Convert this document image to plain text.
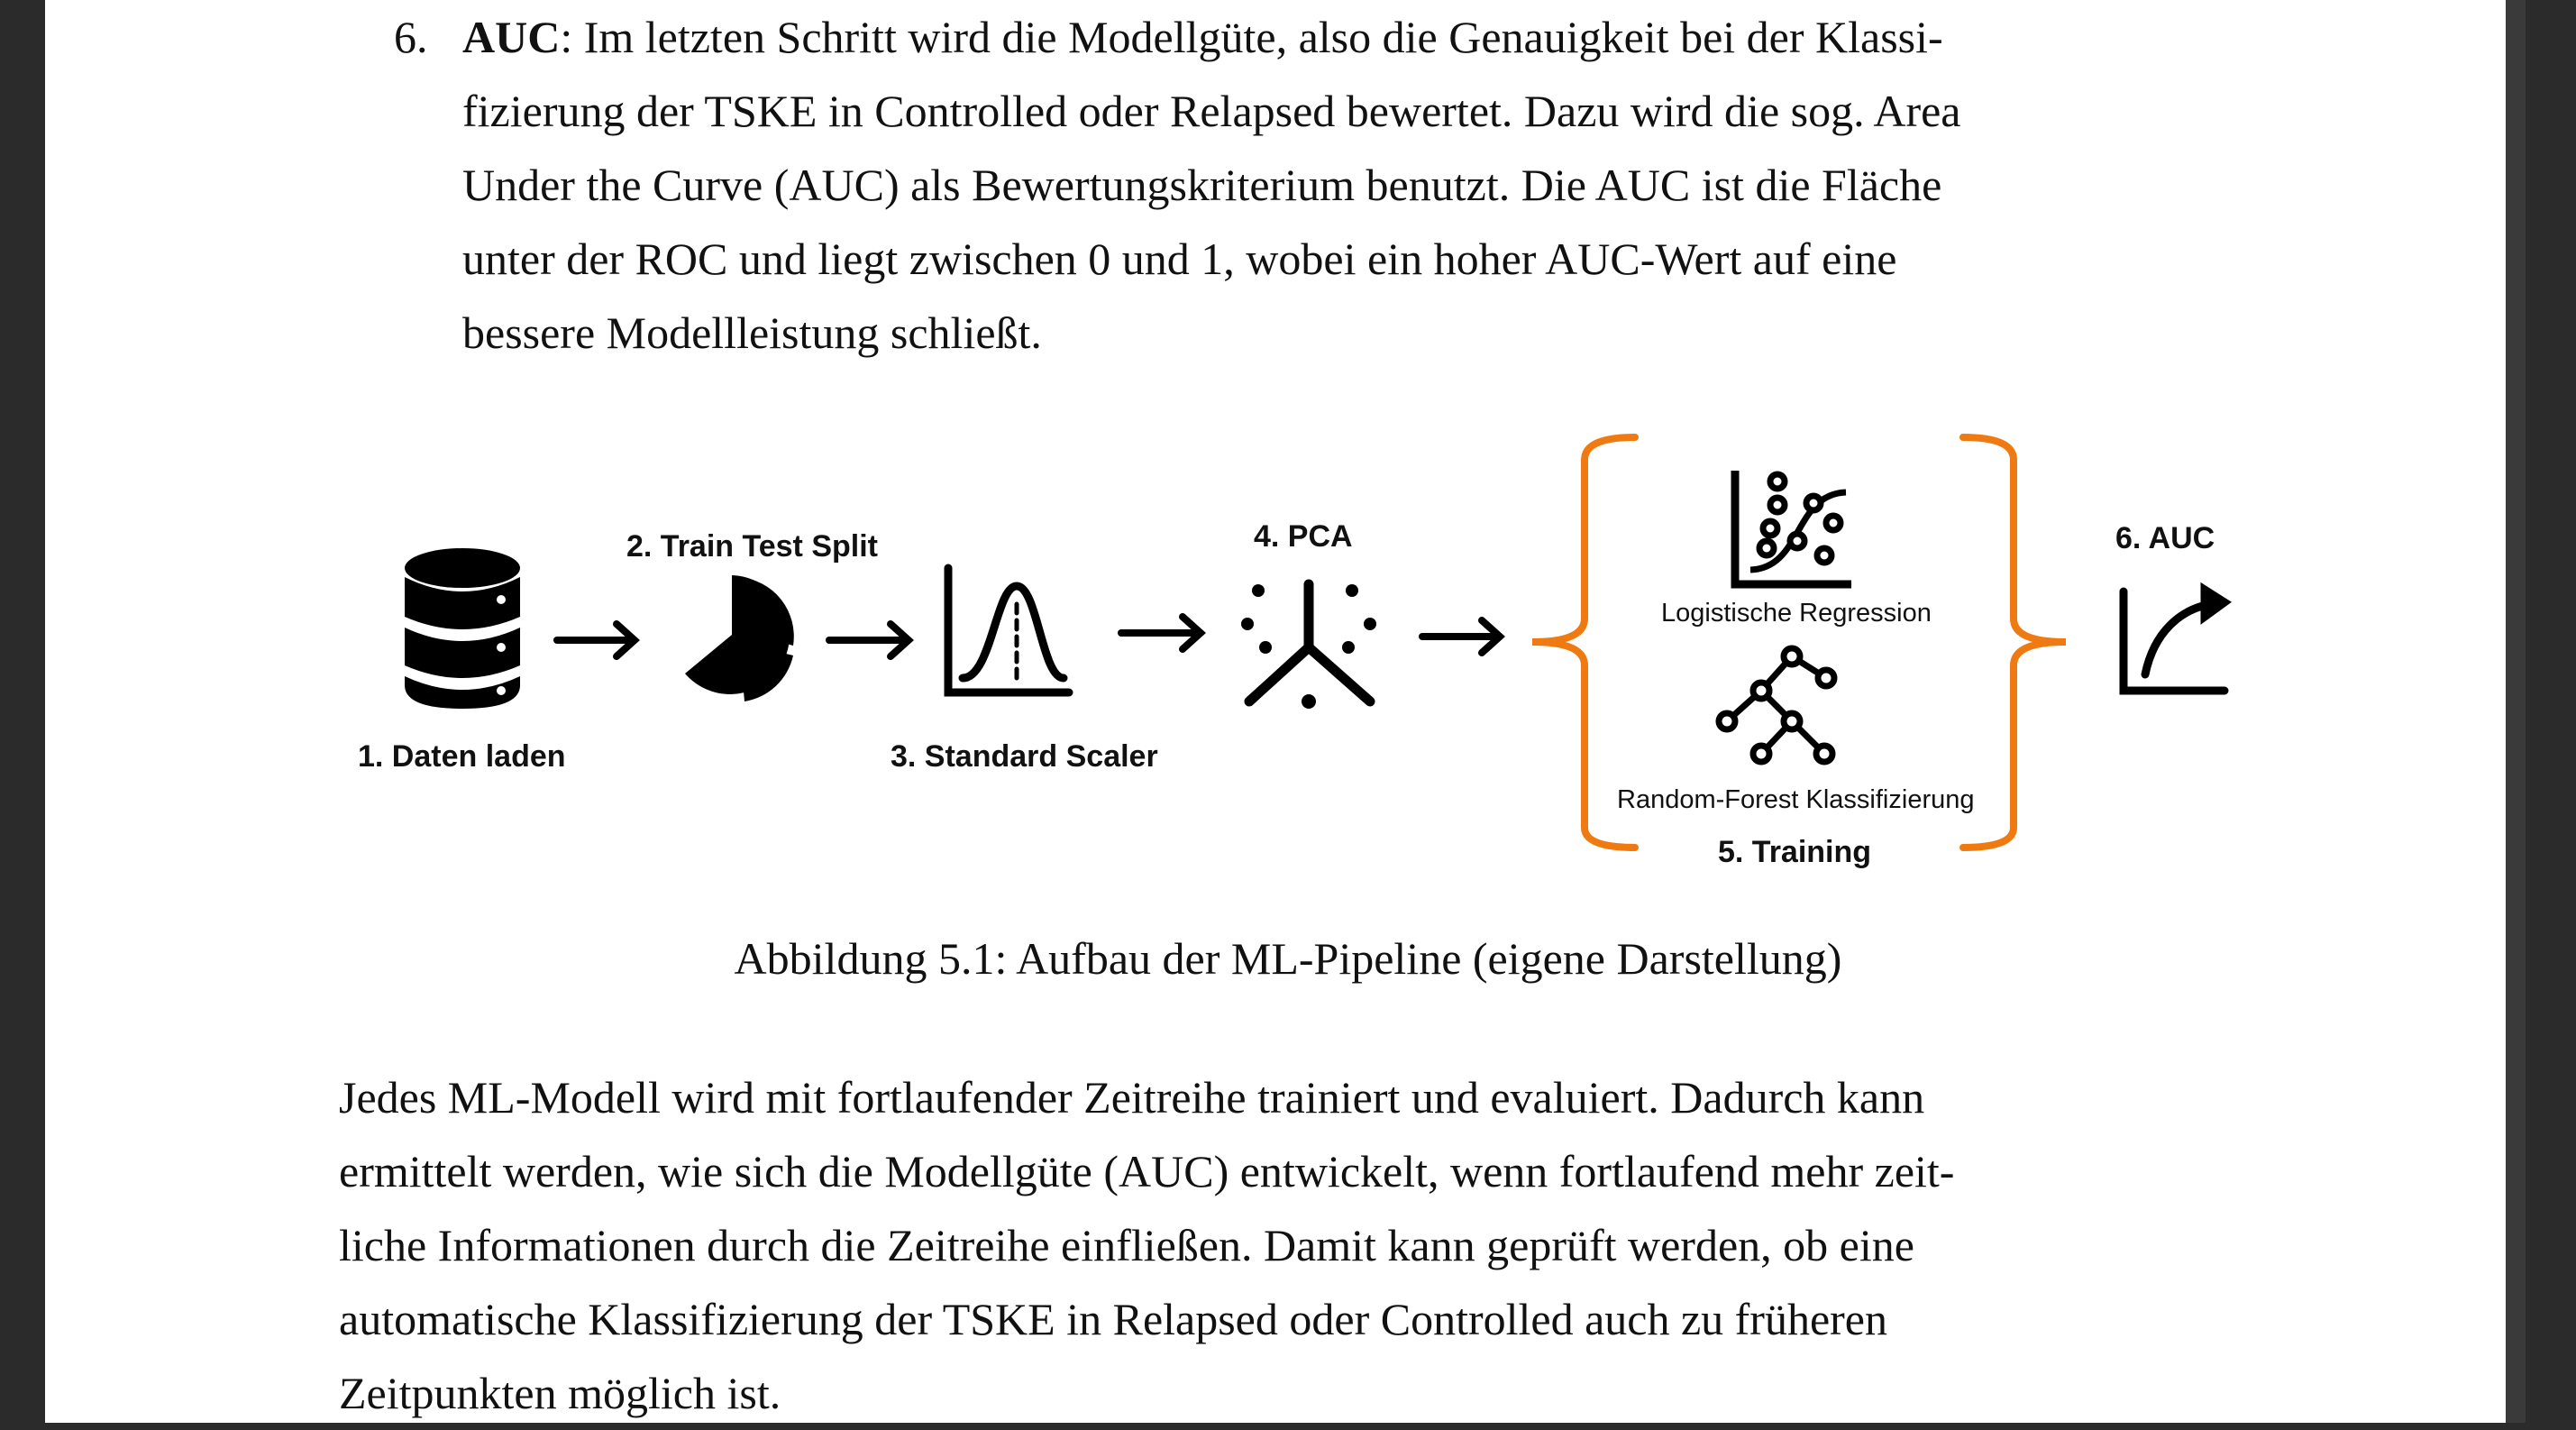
6. AUC: Im letzten Schritt wird die Modellgüte, also die Genauigkeit bei der Klassi-

fizierung der TSKE in Controlled oder Relapsed bewertet. Dazu wird die sog. Area

Under the Curve (AUC) als Bewertungskriterium benutzt. Die AUC ist die Fläche

unter der ROC und liegt zwischen 0 und 1, wobei ein hoher AUC-Wert auf eine

bessere Modellleistung schließt.

1. Daten laden
2. Train Test Split
3. Standard Scaler
4. PCA
5. Training
6. AUC
Logistische Regression
Random-Forest Klassifizierung
Abbildung 5.1: Aufbau der ML-Pipeline (eigene Darstellung)

Jedes ML-Modell wird mit fortlaufender Zeitreihe trainiert und evaluiert. Dadurch kann

ermittelt werden, wie sich die Modellgüte (AUC) entwickelt, wenn fortlaufend mehr zeit-

liche Informationen durch die Zeitreihe einfließen. Damit kann geprüft werden, ob eine

automatische Klassifizierung der TSKE in Relapsed oder Controlled auch zu früheren

Zeitpunkten möglich ist.
